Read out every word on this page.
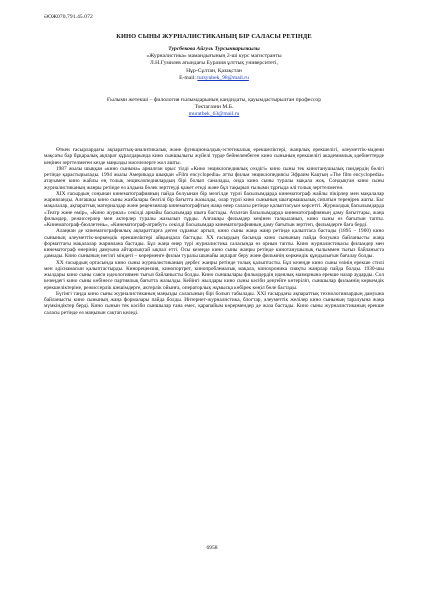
ӘОЖ070.791.45.072
КИНО СЫНЫ ЖУРНАЛИСТИКАНЫҢ БІР САЛАСЫ РЕТІНДЕ
Турсбекова Айгуль Турсынкарызкызы
«Журналистика» мамандығының 2-ші курс магистранты
Л.Н.Гумилев атындағы Еуразия ұлттық университеті,
Нұр-Сұлтан, Қазақстан
E-mail: tursynbek_98@mail.ru
Ғылыми жетекші – филология ғылымдарының кандидаты, қауымдастырылған профессор
Токтагазин М.Б.
muratbek_63@mail.ru

Өткен ғасырлардағы ақпараттық-аналитикалық және функционалдық-эстетикалық ерекшеліктері, жанрлық ерекшелігі, әлеуметтік-мәдени мақсаты бар бұқаралық ақпарат құралдарында кино сыншылығы жүйелі түрде бейнеленбеген кино сынының ерекшелігі академиялық әдебиеттерде кеңінен зерттелмеген кезде маңызды мәселелерге жол ашты.

1987 жылы шыққан «кино сынына» арналған орыс тілді «Кино энциклопедиялық сөздігі» кино сыны тек кинотанушылық пәндердің бөлігі ретінде қарастырылады. 1994 жылы Америкада шыққан «Film encyclopedia» атты фильм энциклопедиясы Эфраим Кацтың «The film encyclopedia» атауымен кино жайлы ең толық энциклопедиялардың бірі болып саналады, онда кино сыны туралы мақала жоқ. Сондықтан кино сыны журналистиканың жанры ретінде өз алдына бөлек зерттеуді қажет етеді және бұл тақырып ғылыми тұрғыда әлі толық зерттелмеген.

ХІХ ғасырдың соңынан кинематографияның пайда болуынан бір мезгілде түрлі басылымдарда кинематограф жайлы пікірлер мен мақалалар жарияланды. Алғашқы кино сыны жазбалары белгілі бір бағытта жазылды, олар түрлі кино сынының шығармашылық сипатын тереңірек ашты. Бас мақалалар, ақпараттық материалдар және рецензиялар кинематографтың жаңа өнер саласы ретінде қалыптасуын көрсетті. Журналдық басылымдарда «Театр және өмір», «Кино журнал» секілді арнайы басылымдар шыға бастады. Аталған басылымдарда кинематографияның даму бағыттары, жаңа фильмдер, режиссерлер мен актерлер туралы жазылып тұрды. Алғашқы фильмдер кеңінен талқыланып, кино сыны өз бағытын тапты. «Кинематограф-бюллетень», «Кинематограф-атрибут» секілді басылымдар кинематографияның даму бағытын зерттеп, фильмдерге баға берді.

Алаңнан де кинематографиялық ақпараттарға деген сұраныс артып, кино сыны жаңа жанр ретінде қалыптаса бастады (1895 – 1900) кино сынының әлеуметтік-көркемдік ерекшеліктері айқындала бастады. ХХ ғасырдың басында кино сынының пайда болуына байланысты жаңа форматтағы мақалалар жариялана бастады. Бұл жаңа өнер түрі журналистика саласында өз орнын тапты. Кино журналистикасы фильмдер мен кинематограф өнерінің дамуына айтарлықтай ықпал етті. Осы кезеңде кино сыны жанры ретінде кинотанушылық ғылыммен тығыз байланыста дамыды. Кино сынының негізгі міндеті – көрерменге фильм туралы шынайы ақпарат беру және фильмнің көркемдік құндылығын бағалау болды.

ХХ ғасырдың ортасында кино сыны журналистиканың дербес жанры ретінде толық қалыптасты. Бұл кезеңде кино сыны өзінің ерекше стилі мен әдіснамасын қалыптастырды. Кинорецензия, кинопортрет, кинопроблемалық мақала, кинохроника сияқты жанрлар пайда болды. 1930-шы жылдары кино сыны саяси идеологиямен тығыз байланысты болды. Кино сыншылары фильмдердің идеялық мазмұнына ерекше назар аударды. Сол кезеңдегі кино сыны көбінесе партиялық бағытта жазылды. Кейінгі жылдары кино сыны кәсіби деңгейге көтеріліп, сыншылар фильмнің көркемдік ерекшеліктеріне, режиссерлік шешімдерге, актерлік ойынға, операторлық жұмысқа көбірек көңіл бөле бастады.

Бүгінгі таңда кино сыны журналистиканың маңызды саласының бірі болып табылады. ХХІ ғасырдағы ақпараттық технологиялардың дамуына байланысты кино сынының жаңа формалары пайда болды. Интернет-журналистика, блогтар, әлеуметтік желілер кино сынының таралуына жаңа мүмкіндіктер берді. Кино сынын тек кәсіби сыншылар ғана емес, қарапайым көрермендер де жаза бастады. Кино сыны журналистиканың ерекше саласы ретінде өз маңызын сақтап келеді.

6958
